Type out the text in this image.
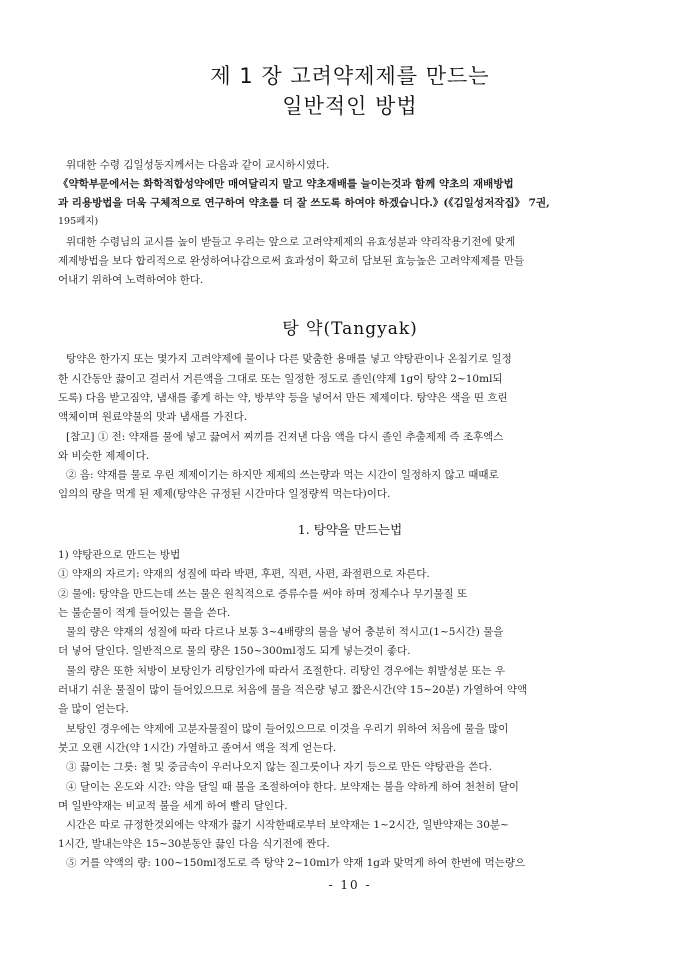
제 1 장 고려약제제를 만드는
일반적인 방법
위대한 수령 김일성동지께서는 다음과 같이 교시하시였다.
《약학부문에서는 화학적합성약에만 매여달리지 말고 약초재배를 늘이는것과 함께 약초의 재배방법
과 리용방법을 더욱 구체적으로 연구하여 약초를 더 잘 쓰도록 하여야 하겠습니다.》(《김일성저작집》 7권,
195페지)
위대한 수령님의 교시를 높이 받들고 우리는 앞으로 고려약제제의 유효성분과 약리작용기전에 맞게
제제방법을 보다 합리적으로 완성하여나감으로써 효과성이 확고히 담보된 효능높은 고려약제제를 만들
어내기 위하여 노력하여야 한다.
탕 약(Tangyak)
탕약은 한가지 또는 몇가지 고려약제에 물이나 다른 맞춤한 용매를 넣고 약탕관이나 온침기로 일정
한 시간동안 끓이고 걸러서 거른액을 그대로 또는 일정한 정도로 졸인(약제 1g이 탕약 2~10ml되
도록) 다음 받고짐약, 냄새를 좋게 하는 약, 방부약 등을 넣어서 만든 제제이다. 탕약은 색을 띤 흐린
액체이며 원료약물의 맛과 냄새를 가진다.
[참고] ① 전: 약재를 물에 넣고 끓여서 찌끼를 건져낸 다음 액을 다시 졸인 추출제제 즉 조후엑스
와 비슷한 제제이다.
② 음: 약재를 물로 우린 제제이기는 하지만 제제의 쓰는량과 먹는 시간이 일정하지 않고 때때로
임의의 량을 먹게 된 제제(탕약은 규정된 시간마다 일정량씩 먹는다)이다.
1. 탕약을 만드는법
1) 약탕관으로 만드는 방법
① 약재의 자르기: 약재의 성질에 따라 박편, 후편, 직편, 사편, 좌절편으로 자른다.
② 물에: 탕약을 만드는데 쓰는 물은 원칙적으로 증류수를 써야 하며 정제수나 무기물질 또
는 불순물이 적게 들어있는 물을 쓴다.
물의 량은 약재의 성질에 따라 다르나 보통 3~4배량의 물을 넣어 충분히 적시고(1~5시간) 물을
더 넣어 달인다. 일반적으로 물의 량은 150~300ml정도 되게 넣는것이 좋다.
물의 량은 또한 처방이 보탕인가 리탕인가에 따라서 조절한다. 리탕인 경우에는 휘발성분 또는 우
러내기 쉬운 물질이 많이 들어있으므로 처음에 물을 적은량 넣고 짧은시간(약 15~20분) 가열하여 약액
을 많이 얻는다.
보탕인 경우에는 약제에 고분자물질이 많이 들어있으므로 이것을 우리기 위하여 처음에 물을 많이
붓고 오랜 시간(약 1시간) 가열하고 졸여서 액을 적게 얻는다.
③ 끓이는 그릇: 철 및 중금속이 우러나오지 않는 질그릇이나 자기 등으로 만든 약탕관을 쓴다.
④ 달이는 온도와 시간: 약을 달일 때 불을 조절하여야 한다. 보약재는 불을 약하게 하여 천천히 달이
며 일반약재는 비교적 불을 세게 하여 빨리 달인다.
시간은 따로 규정한것외에는 약재가 끓기 시작한때로부터 보약재는 1~2시간, 일반약재는 30분~
1시간, 발내는약은 15~30분동안 끓인 다음 식기전에 짠다.
⑤ 거를 약액의 량: 100~150ml정도로 즉 탕약 2~10ml가 약재 1g과 맞먹게 하여 한번에 먹는량으
- 10 -
